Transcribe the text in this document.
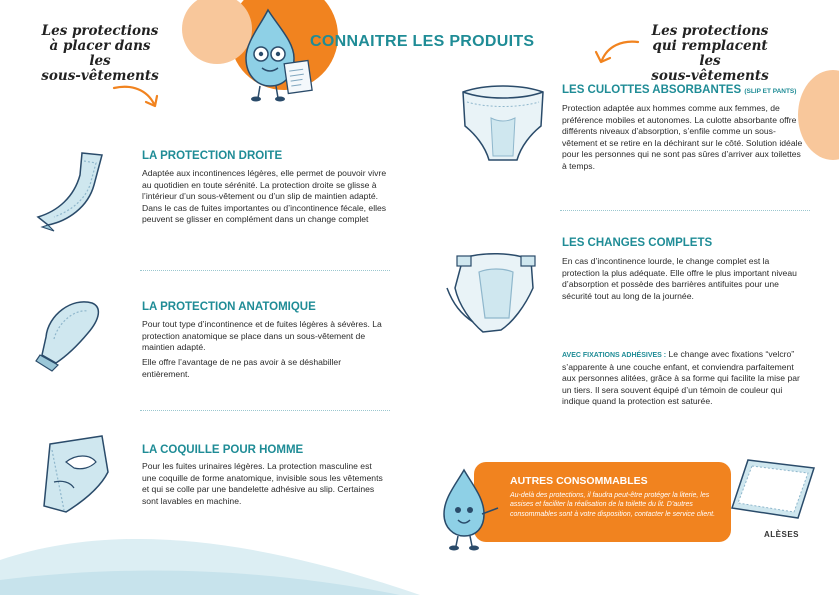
Les protections
à placer dans les
sous-vêtements
Les protections
qui remplacent les
sous-vêtements
CONNAITRE LES PRODUITS
LA PROTECTION DROITE
Adaptée aux incontinences légères, elle permet de pouvoir vivre au quotidien en toute sérénité. La protection droite se glisse à l’intérieur d’un sous-vêtement ou d’un slip de maintien adapté. Dans le cas de fuites importantes ou d’incontinence fécale, elles peuvent se glisser en complément dans un change complet
LA PROTECTION ANATOMIQUE
Pour tout type d’incontinence et de fuites légères à sévères. La protection anatomique se place dans un sous-vêtement de maintien adapté.
Elle offre l’avantage de ne pas avoir à se déshabiller entièrement.
LA COQUILLE POUR HOMME
Pour les fuites urinaires légères. La protection masculine est une coquille de forme anatomique, invisible sous les vêtements et qui se colle par une bandelette adhésive au slip. Certaines sont lavables en machine.
LES CULOTTES ABSORBANTES (SLIP ET PANTS)
Protection adaptée aux hommes comme aux femmes, de préférence mobiles et autonomes. La culotte absorbante offre différents niveaux d’absorption, s’enfile comme un sous-vêtement et se retire en la déchirant sur le côté. Solution idéale pour les personnes qui ne sont pas sûres d’arriver aux toilettes à temps.
LES CHANGES COMPLETS
En cas d’incontinence lourde, le change complet est la protection la plus adéquate. Elle offre le plus important niveau d’absorption et possède des barrières antifuites pour une sécurité tout au long de la journée.
AVEC FIXATIONS ADHÉSIVES : Le change avec fixations “velcro” s’apparente à une couche enfant, et conviendra parfaitement aux personnes alitées, grâce à sa forme qui facilite la mise par un tiers. Il sera souvent équipé d’un témoin de couleur qui indique quand la protection est saturée.
AUTRES CONSOMMABLES
Au-delà des protections, il faudra peut-être protéger la literie, les assises et faciliter la réalisation de la toilette du lit. D’autres consommables sont à votre disposition, contacter le service client.
ALÈSES
